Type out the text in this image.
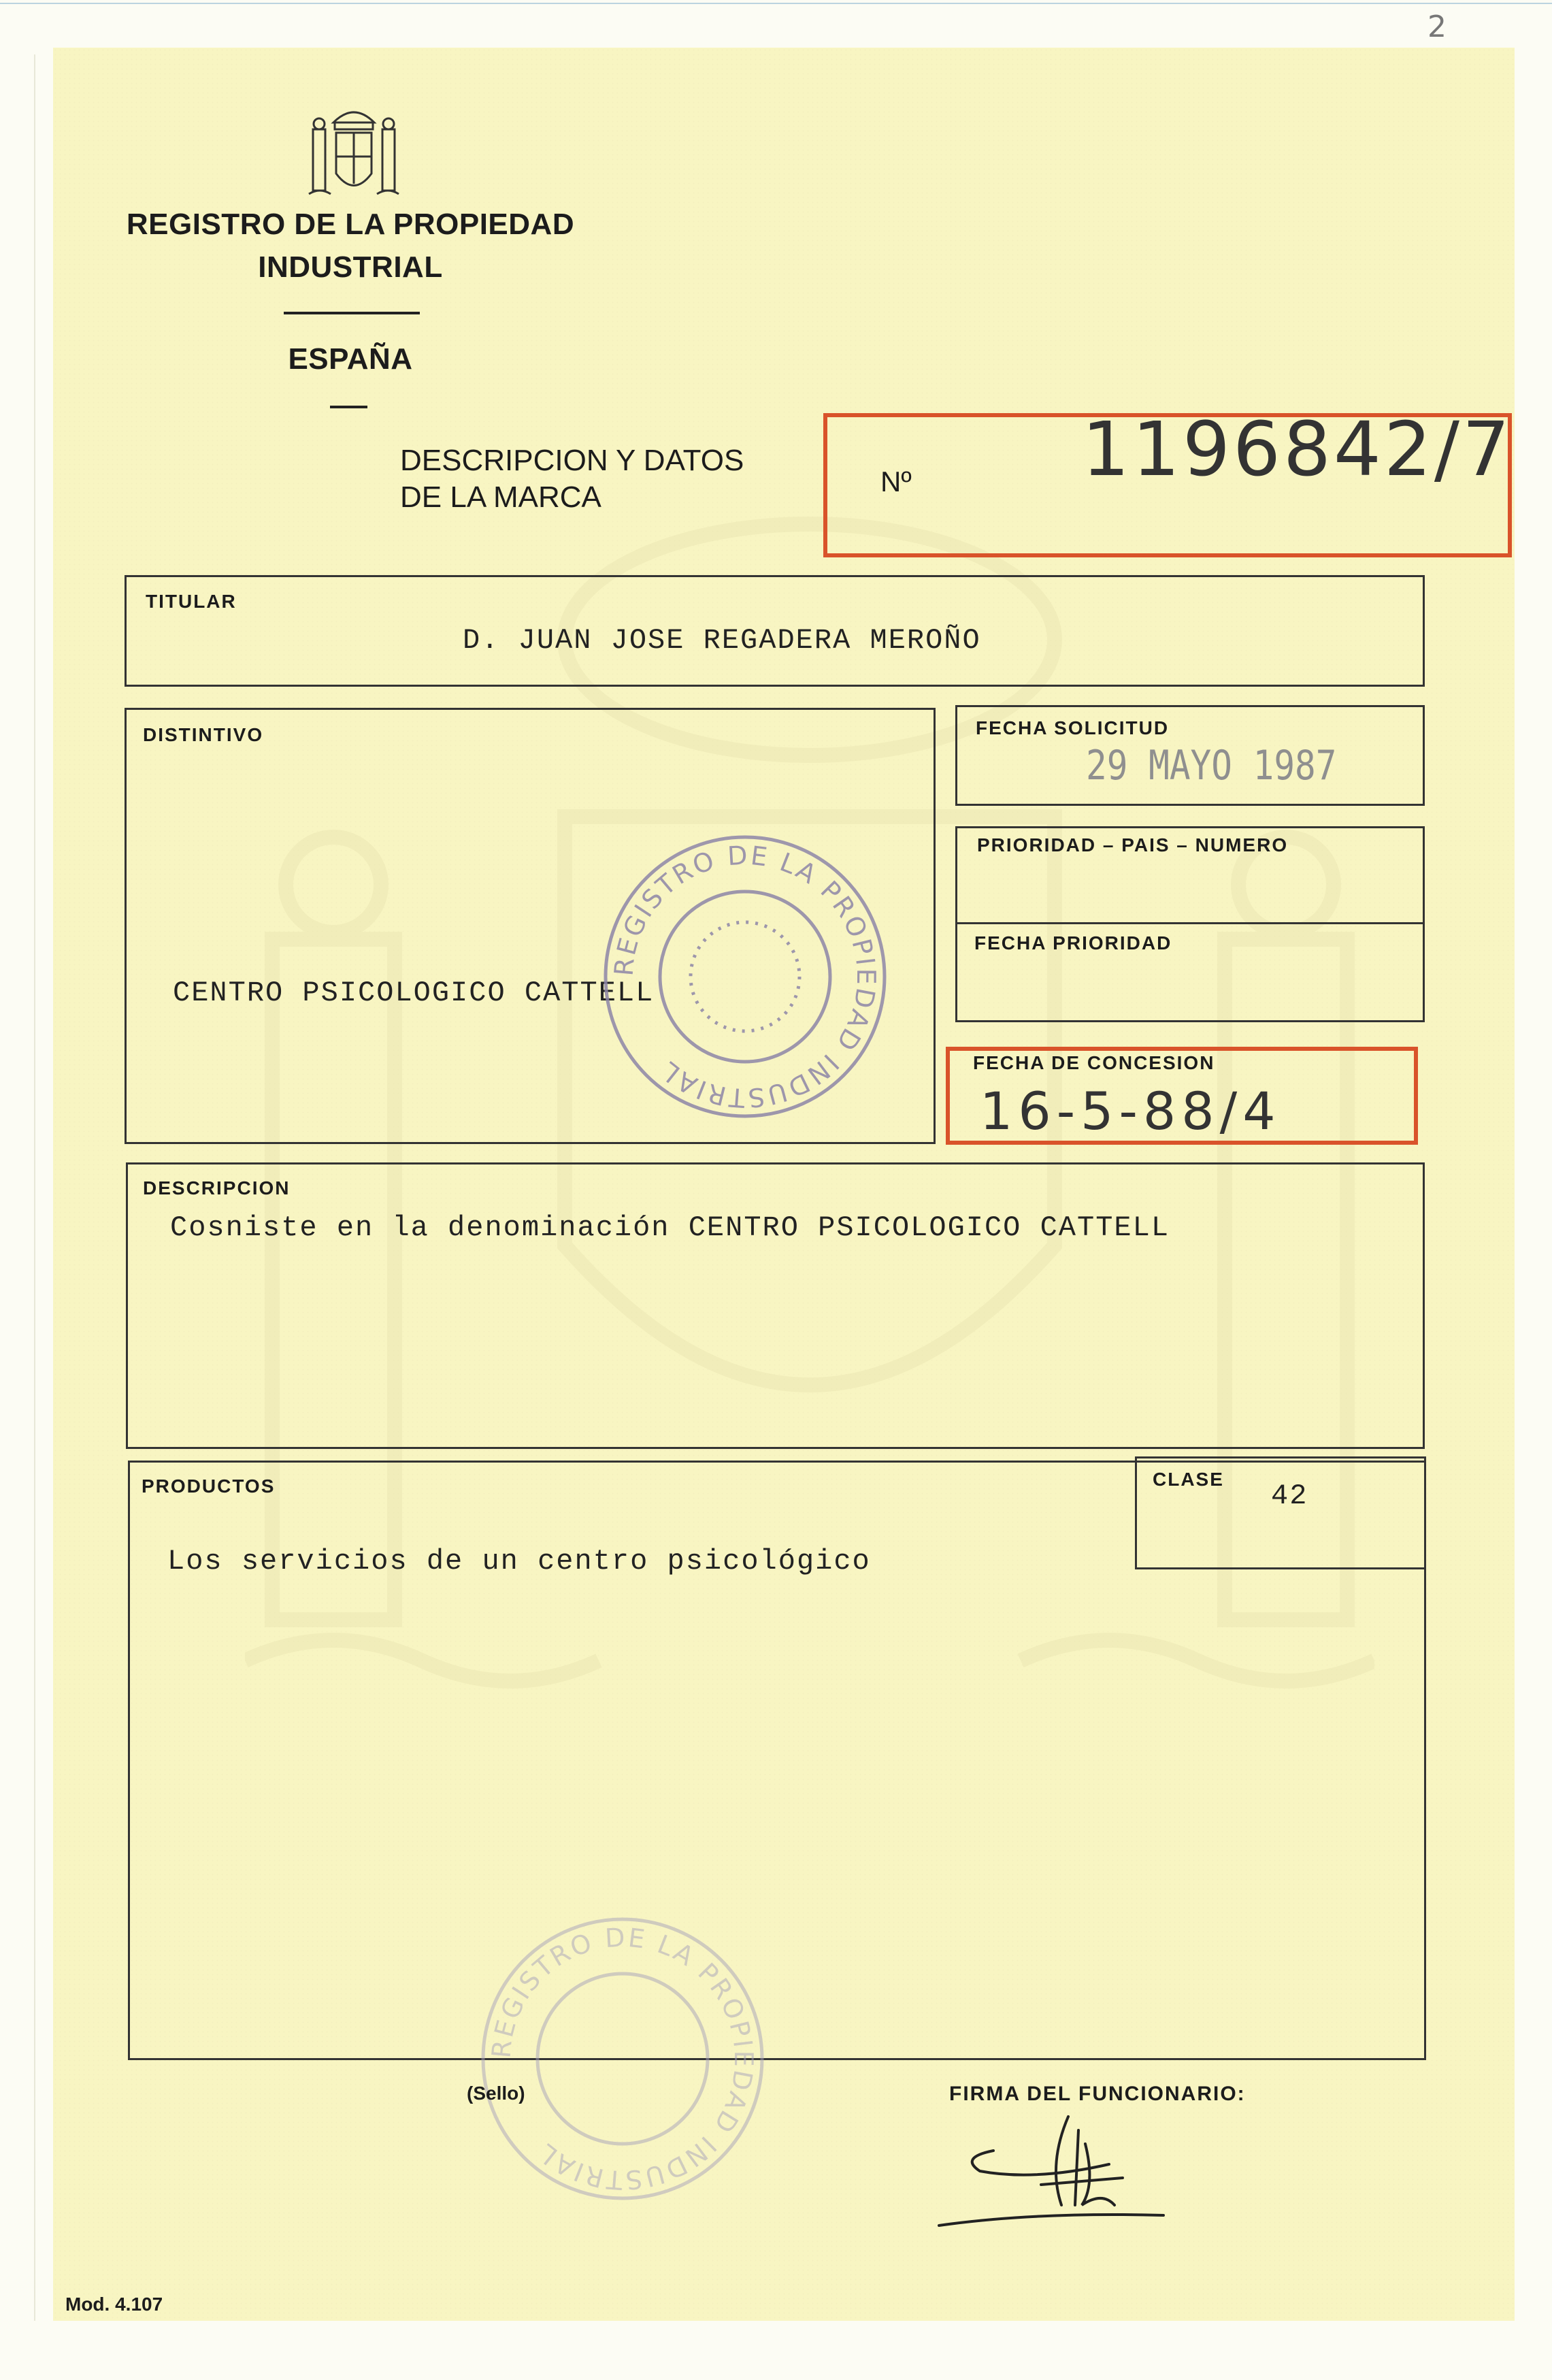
2
REGISTRO DE LA PROPIEDAD
INDUSTRIAL
ESPAÑA
DESCRIPCION Y DATOS
DE LA MARCA	Nº 1196842/7
TITULAR
D. JUAN JOSE REGADERA MEROÑO
DISTINTIVO
CENTRO PSICOLOGICO CATTELL
FECHA SOLICITUD
29 MAYO 1987
PRIORIDAD – PAIS – NUMERO
FECHA PRIORIDAD
FECHA DE CONCESION
16-5-88/4
DESCRIPCION
Cosniste en la denominación CENTRO PSICOLOGICO CATTELL
PRODUCTOS
Los servicios de un centro psicológico
CLASE
42
REGISTRO DE LA PROPIEDAD INDUSTRIAL
REGISTRO DE LA PROPIEDAD INDUSTRIAL
(Sello)	FIRMA DEL FUNCIONARIO:
Mod. 4.107
